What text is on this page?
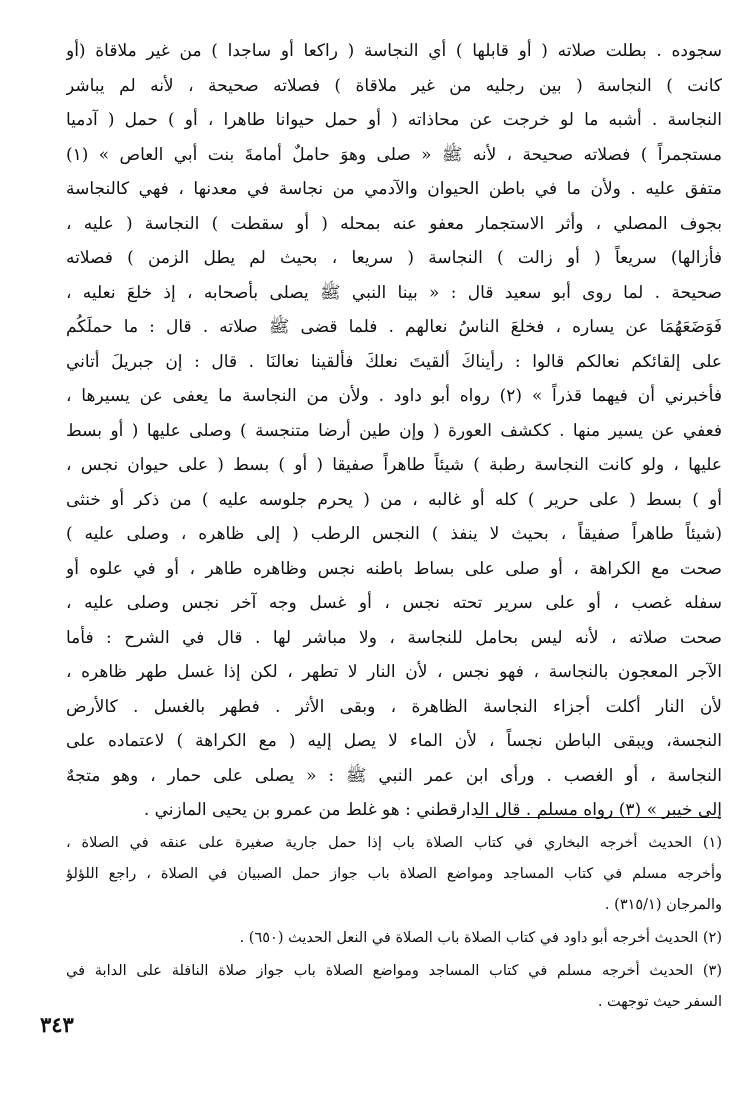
سجوده . بطلت صلاته ( أو قابلها ) أي النجاسة ( راكعا أو ساجدا ) من غير ملاقاة (أو
كانت ) النجاسة ( بين رجليه من غير ملاقاة ) فصلاته صحيحة ، لأنه لم يباشر
النجاسة . أشبه ما لو خرجت عن محاذاته ( أو حمل حيوانا طاهرا ، أو ) حمل ( آدميا
مستجمراً ) فصلاته صحيحة ، لأنه ﷺ « صلى وهوَ حاملٌ أمامةَ بنت أبي العاص » (١)
متفق عليه . ولأن ما في باطن الحيوان والآدمي من نجاسة في معدنها ، فهي كالنجاسة
بجوف المصلي ، وأثر الاستجمار معفو عنه بمحله ( أو سقطت ) النجاسة ( عليه ،
فأزالها) سريعاً ( أو زالت ) النجاسة ( سريعا ، بحيث لم يطل الزمن ) فصلاته
صحيحة . لما روى أبو سعيد قال : « بينا النبي ﷺ يصلى بأصحابه ، إذ خلعَ نعليه ،
فَوَضَعَهُمَا عن يساره ، فخلعَ الناسُ نعالهم . فلما قضى ﷺ صلاته . قال : ما حملَكُم
على إلقائكم نعالكم قالوا : رأيناكَ ألقيتَ نعلكَ فألقينا نعالنَا . قال : إن جبريلَ أتاني
فأخبرني أن فيهما قذراً » (٢) رواه أبو داود . ولأن من النجاسة ما يعفى عن يسيرها ،
فعفي عن يسير منها . ككشف العورة ( وإن طين أرضا متنجسة ) وصلى عليها ( أو بسط
عليها ، ولو كانت النجاسة رطبة ) شيئاً طاهراً صفيقا ( أو ) بسط ( على حيوان نجس ،
أو ) بسط ( على حرير ) كله أو غالبه ، من ( يحرم جلوسه عليه ) من ذكر أو خنثى
(شيئاً طاهراً صفيقاً ، بحيث لا ينفذ ) النجس الرطب ( إلى ظاهره ، وصلى عليه )
صحت مع الكراهة ، أو صلى على بساط باطنه نجس وظاهره طاهر ، أو في علوه أو
سفله غصب ، أو على سرير تحته نجس ، أو غسل وجه آخر نجس وصلى عليه ،
صحت صلاته ، لأنه ليس بحامل للنجاسة ، ولا مباشر لها . قال في الشرح : فأما
الآجر المعجون بالنجاسة ، فهو نجس ، لأن النار لا تطهر ، لكن إذا غسل طهر ظاهره ،
لأن النار أكلت أجزاء النجاسة الظاهرة ، وبقى الأثر . فطهر بالغسل . كالأرض
النجسة، ويبقى الباطن نجساً ، لأن الماء لا يصل إليه ( مع الكراهة ) لاعتماده على
النجاسة ، أو الغصب . ورأى ابن عمر النبي ﷺ : « يصلى على حمار ، وهو متجهٌ
إلى خيبر » (٣) رواه مسلم . قال الدارقطني : هو غلط من عمرو بن يحيى المازني .
(١) الحديث أخرجه البخاري في كتاب الصلاة باب إذا حمل جارية صغيرة على عنقه في الصلاة ،
وأخرجه مسلم في كتاب المساجد ومواضع الصلاة باب جواز حمل الصبيان في الصلاة ، راجع اللؤلؤ
والمرجان (٣١٥/١) .
(٢) الحديث أخرجه أبو داود في كتاب الصلاة باب الصلاة في النعل الحديث (٦٥٠) .
(٣) الحديث أخرجه مسلم في كتاب المساجد ومواضع الصلاة باب جواز صلاة النافلة على الدابة في
السفر حيث توجهت .
٣٤٣
